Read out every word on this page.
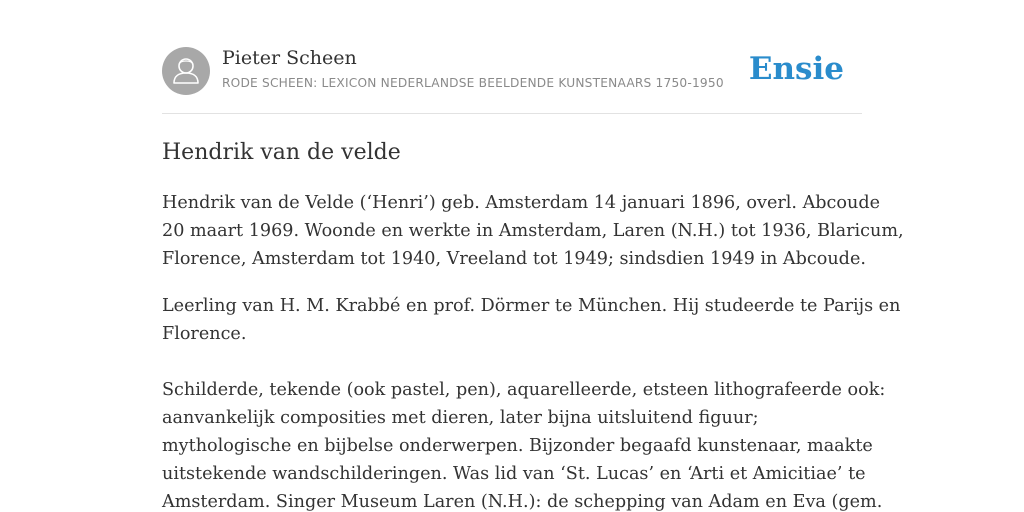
Pieter Scheen
RODE SCHEEN: LEXICON NEDERLANDSE BEELDENDE KUNSTENAARS 1750-1950 Ensie
Hendrik van de velde
Hendrik van de Velde (‘Henri’) geb. Amsterdam 14 januari 1896, overl. Abcoude
20 maart 1969. Woonde en werkte in Amsterdam, Laren (N.H.) tot 1936, Blaricum,
Florence, Amsterdam tot 1940, Vreeland tot 1949; sindsdien 1949 in Abcoude.
Leerling van H. M. Krabbé en prof. Dörmer te München. Hij studeerde te Parijs en
Florence.
Schilderde, tekende (ook pastel, pen), aquarelleerde, etsteen lithografeerde ook:
aanvankelijk composities met dieren, later bijna uitsluitend figuur;
mythologische en bijbelse onderwerpen. Bijzonder begaafd kunstenaar, maakte
uitstekende wandschilderingen. Was lid van ‘St. Lucas’ en ‘Arti et Amicitiae’ te
Amsterdam. Singer Museum Laren (N.H.): de schepping van Adam en Eva (gem.
